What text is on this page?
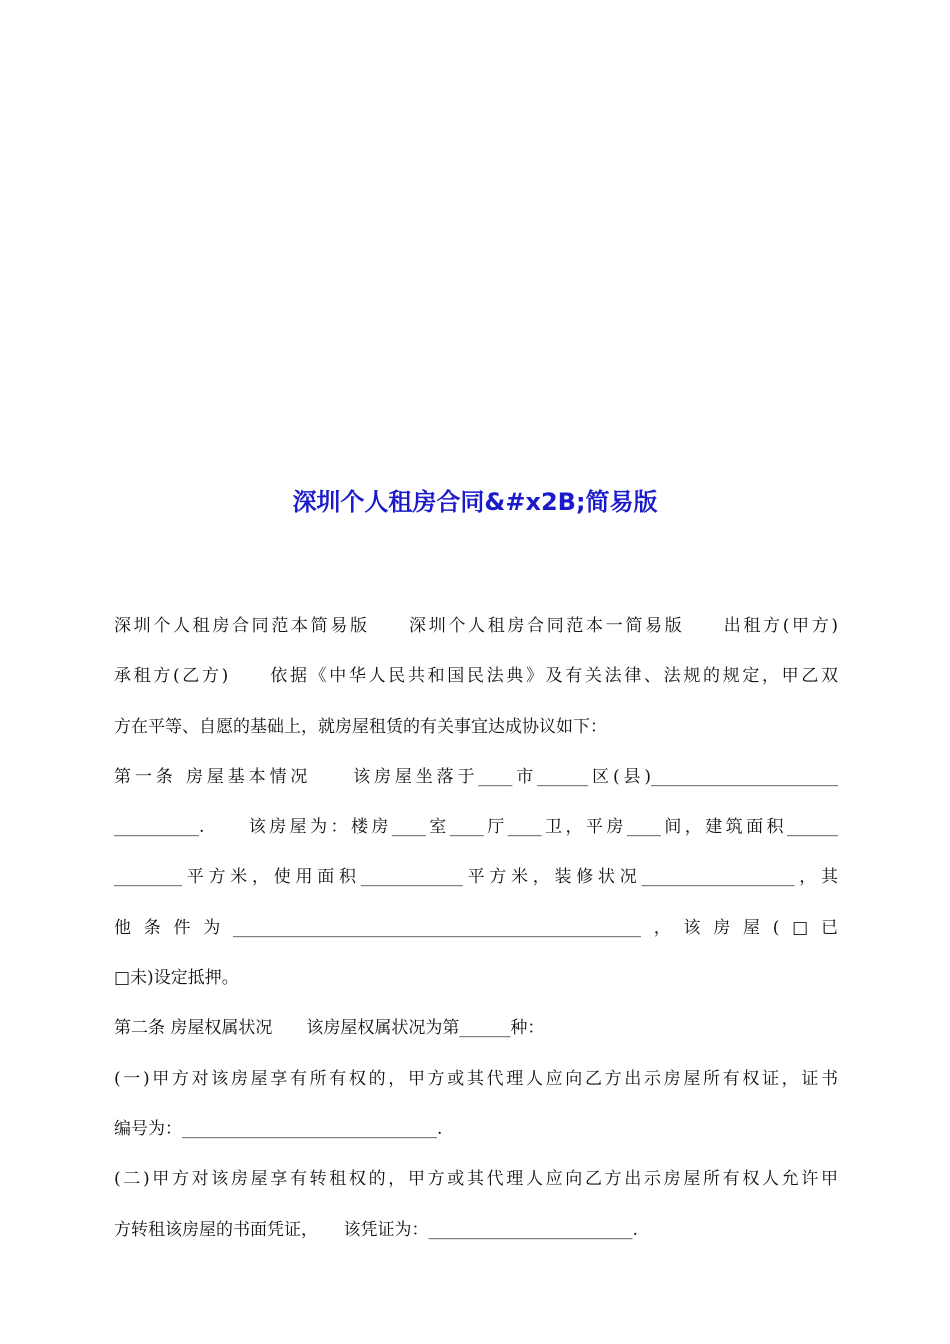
深圳个人租房合同&#x2B;简易版
深圳个人租房合同范本简易版　　深圳个人租房合同范本一简易版　　出租方(甲方)
承租方(乙方)　　依据《中华人民共和国民法典》及有关法律、法规的规定，甲乙双
方在平等、自愿的基础上，就房屋租赁的有关事宜达成协议如下：
第一条 房屋基本情况　　该房屋坐落于____市______区(县)______________________
__________.　　该房屋为：楼房____室____厅____卫，平房____间，建筑面积______
________平方米，使用面积____________平方米，装修状况__________________，其
他条件为________________________________________________，该房屋(□已
□未)设定抵押。
第二条 房屋权属状况　　该房屋权属状况为第______种：
(一)甲方对该房屋享有所有权的，甲方或其代理人应向乙方出示房屋所有权证，证书
编号为：______________________________.
(二)甲方对该房屋享有转租权的，甲方或其代理人应向乙方出示房屋所有权人允许甲
方转租该房屋的书面凭证，　　该凭证为：________________________.
